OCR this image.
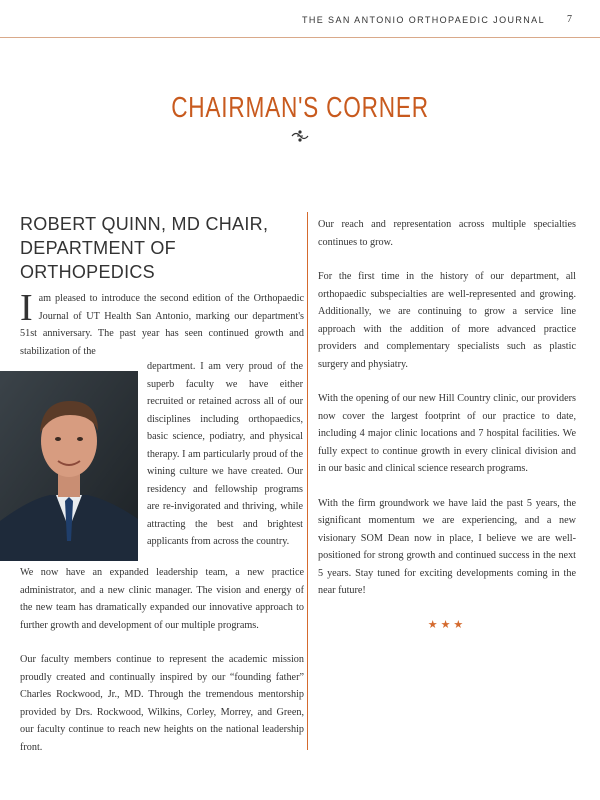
THE SAN ANTONIO ORTHOPAEDIC JOURNAL 7
CHAIRMAN'S CORNER
ROBERT QUINN, MD CHAIR, DEPARTMENT OF ORTHOPEDICS
I am pleased to introduce the second edition of the Orthopaedic Journal of UT Health San Antonio, marking our department's 51st anniversary. The past year has seen continued growth and stabilization of the
department. I am very proud of the superb faculty we have either recruited or retained across all of our disciplines including orthopaedics, basic science, podiatry, and physical therapy. I am particularly proud of the wining culture we have created. Our residency and fellowship programs are re-invigorated and thriving, while attracting the best and brightest applicants from across the country.

We now have an expanded leadership team, a new practice administrator, and a new clinic manager. The vision and energy of the new team has dramatically expanded our innovative approach to further growth and development of our multiple programs.

Our faculty members continue to represent the academic mission proudly created and continually inspired by our “founding father” Charles Rockwood, Jr., MD. Through the tremendous mentorship provided by Drs. Rockwood, Wilkins, Corley, Morrey, and Green, our faculty continue to reach new heights on the national leadership front.

Our reach and representation across multiple specialties continues to grow.

For the first time in the history of our department, all orthopaedic subspecialties are well-represented and growing. Additionally, we are continuing to grow a service line approach with the addition of more advanced practice providers and complementary specialists such as plastic surgery and physiatry.

With the opening of our new Hill Country clinic, our providers now cover the largest footprint of our practice to date, including 4 major clinic locations and 7 hospital facilities. We fully expect to continue growth in every clinical division and in our basic and clinical science research programs.

With the firm groundwork we have laid the past 5 years, the significant momentum we are experiencing, and a new visionary SOM Dean now in place, I believe we are well-positioned for strong growth and continued success in the next 5 years. Stay tuned for exciting developments coming in the near future!

★★★
